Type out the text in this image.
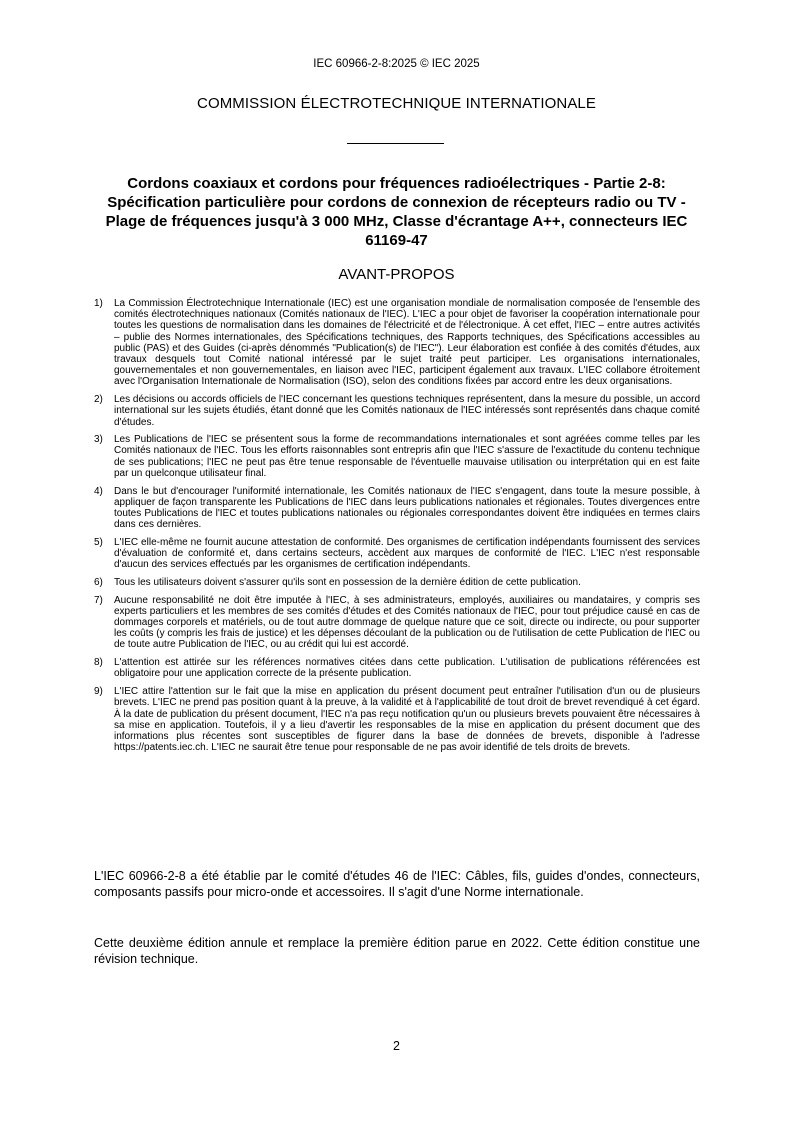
IEC 60966-2-8:2025 © IEC 2025
COMMISSION ÉLECTROTECHNIQUE INTERNATIONALE
Cordons coaxiaux et cordons pour fréquences radioélectriques - Partie 2-8: Spécification particulière pour cordons de connexion de récepteurs radio ou TV - Plage de fréquences jusqu'à 3 000 MHz, Classe d'écrantage A++, connecteurs IEC 61169-47
AVANT-PROPOS
1) La Commission Électrotechnique Internationale (IEC) est une organisation mondiale de normalisation composée de l'ensemble des comités électrotechniques nationaux (Comités nationaux de l'IEC). L'IEC a pour objet de favoriser la coopération internationale pour toutes les questions de normalisation dans les domaines de l'électricité et de l'électronique. À cet effet, l'IEC – entre autres activités – publie des Normes internationales, des Spécifications techniques, des Rapports techniques, des Spécifications accessibles au public (PAS) et des Guides (ci-après dénommés "Publication(s) de l'IEC"). Leur élaboration est confiée à des comités d'études, aux travaux desquels tout Comité national intéressé par le sujet traité peut participer. Les organisations internationales, gouvernementales et non gouvernementales, en liaison avec l'IEC, participent également aux travaux. L'IEC collabore étroitement avec l'Organisation Internationale de Normalisation (ISO), selon des conditions fixées par accord entre les deux organisations.
2) Les décisions ou accords officiels de l'IEC concernant les questions techniques représentent, dans la mesure du possible, un accord international sur les sujets étudiés, étant donné que les Comités nationaux de l'IEC intéressés sont représentés dans chaque comité d'études.
3) Les Publications de l'IEC se présentent sous la forme de recommandations internationales et sont agréées comme telles par les Comités nationaux de l'IEC. Tous les efforts raisonnables sont entrepris afin que l'IEC s'assure de l'exactitude du contenu technique de ses publications; l'IEC ne peut pas être tenue responsable de l'éventuelle mauvaise utilisation ou interprétation qui en est faite par un quelconque utilisateur final.
4) Dans le but d'encourager l'uniformité internationale, les Comités nationaux de l'IEC s'engagent, dans toute la mesure possible, à appliquer de façon transparente les Publications de l'IEC dans leurs publications nationales et régionales. Toutes divergences entre toutes Publications de l'IEC et toutes publications nationales ou régionales correspondantes doivent être indiquées en termes clairs dans ces dernières.
5) L'IEC elle-même ne fournit aucune attestation de conformité. Des organismes de certification indépendants fournissent des services d'évaluation de conformité et, dans certains secteurs, accèdent aux marques de conformité de l'IEC. L'IEC n'est responsable d'aucun des services effectués par les organismes de certification indépendants.
6) Tous les utilisateurs doivent s'assurer qu'ils sont en possession de la dernière édition de cette publication.
7) Aucune responsabilité ne doit être imputée à l'IEC, à ses administrateurs, employés, auxiliaires ou mandataires, y compris ses experts particuliers et les membres de ses comités d'études et des Comités nationaux de l'IEC, pour tout préjudice causé en cas de dommages corporels et matériels, ou de tout autre dommage de quelque nature que ce soit, directe ou indirecte, ou pour supporter les coûts (y compris les frais de justice) et les dépenses découlant de la publication ou de l'utilisation de cette Publication de l'IEC ou de toute autre Publication de l'IEC, ou au crédit qui lui est accordé.
8) L'attention est attirée sur les références normatives citées dans cette publication. L'utilisation de publications référencées est obligatoire pour une application correcte de la présente publication.
9) L'IEC attire l'attention sur le fait que la mise en application du présent document peut entraîner l'utilisation d'un ou de plusieurs brevets. L'IEC ne prend pas position quant à la preuve, à la validité et à l'applicabilité de tout droit de brevet revendiqué à cet égard. À la date de publication du présent document, l'IEC n'a pas reçu notification qu'un ou plusieurs brevets pouvaient être nécessaires à sa mise en application. Toutefois, il y a lieu d'avertir les responsables de la mise en application du présent document que des informations plus récentes sont susceptibles de figurer dans la base de données de brevets, disponible à l'adresse https://patents.iec.ch. L'IEC ne saurait être tenue pour responsable de ne pas avoir identifié de tels droits de brevets.

L'IEC 60966-2-8 a été établie par le comité d'études 46 de l'IEC: Câbles, fils, guides d'ondes, connecteurs, composants passifs pour micro-onde et accessoires. Il s'agit d'une Norme internationale.

Cette deuxième édition annule et remplace la première édition parue en 2022. Cette édition constitue une révision technique.

2
